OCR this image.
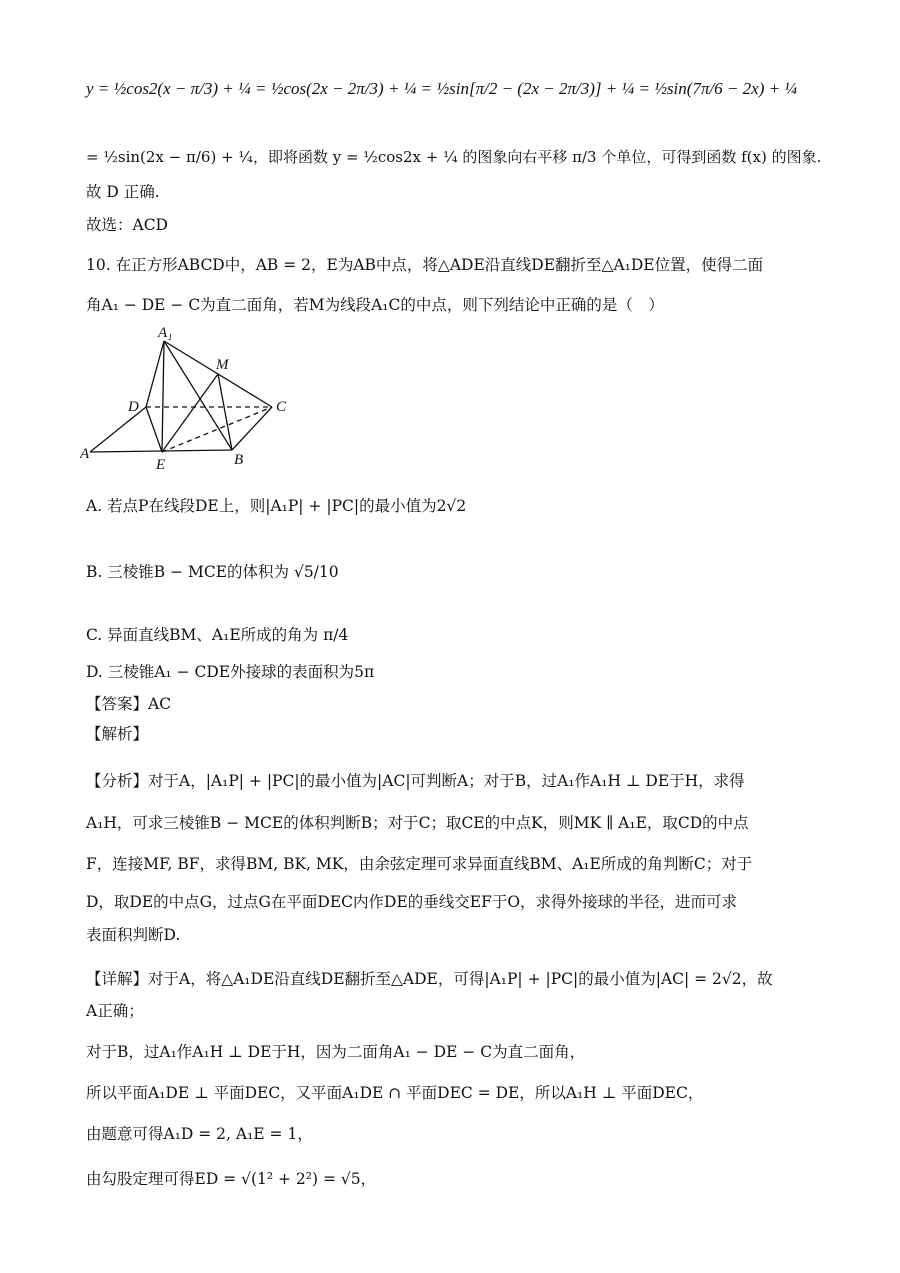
y = ½cos2(x − π/3) + ¼ = ½cos(2x − 2π/3) + ¼ = ½sin[π/2 − (2x − 2π/3)] + ¼ = ½sin(7π/6 − 2x) + ¼
= ½sin(2x − π/6) + ¼，即将函数 y = ½cos2x + ¼ 的图象向右平移 π/3 个单位，可得到函数 f(x) 的图象.
故 D 正确.
故选：ACD
10. 在正方形ABCD中，AB = 2，E为AB中点，将△ADE沿直线DE翻折至△A₁DE位置，使得二面
角A₁ − DE − C为直二面角，若M为线段A₁C的中点，则下列结论中正确的是（　）
A₁
M
D	C
A
E	B
A. 若点P在线段DE上，则|A₁P| + |PC|的最小值为2√2
B. 三棱锥B − MCE的体积为 √5/10
C. 异面直线BM、A₁E所成的角为 π/4
D. 三棱锥A₁ − CDE外接球的表面积为5π
【答案】AC
【解析】
【分析】对于A，|A₁P| + |PC|的最小值为|AC|可判断A；对于B，过A₁作A₁H ⊥ DE于H，求得
A₁H，可求三棱锥B − MCE的体积判断B；对于C；取CE的中点K，则MK ∥ A₁E，取CD的中点
F，连接MF, BF，求得BM, BK, MK，由余弦定理可求异面直线BM、A₁E所成的角判断C；对于
D，取DE的中点G，过点G在平面DEC内作DE的垂线交EF于O，求得外接球的半径，进而可求
表面积判断D.
【详解】对于A，将△A₁DE沿直线DE翻折至△ADE，可得|A₁P| + |PC|的最小值为|AC| = 2√2，故
A正确；
对于B，过A₁作A₁H ⊥ DE于H，因为二面角A₁ − DE − C为直二面角，
所以平面A₁DE ⊥ 平面DEC，又平面A₁DE ∩ 平面DEC = DE，所以A₁H ⊥ 平面DEC，
由题意可得A₁D = 2, A₁E = 1，
由勾股定理可得ED = √(1² + 2²) = √5，
